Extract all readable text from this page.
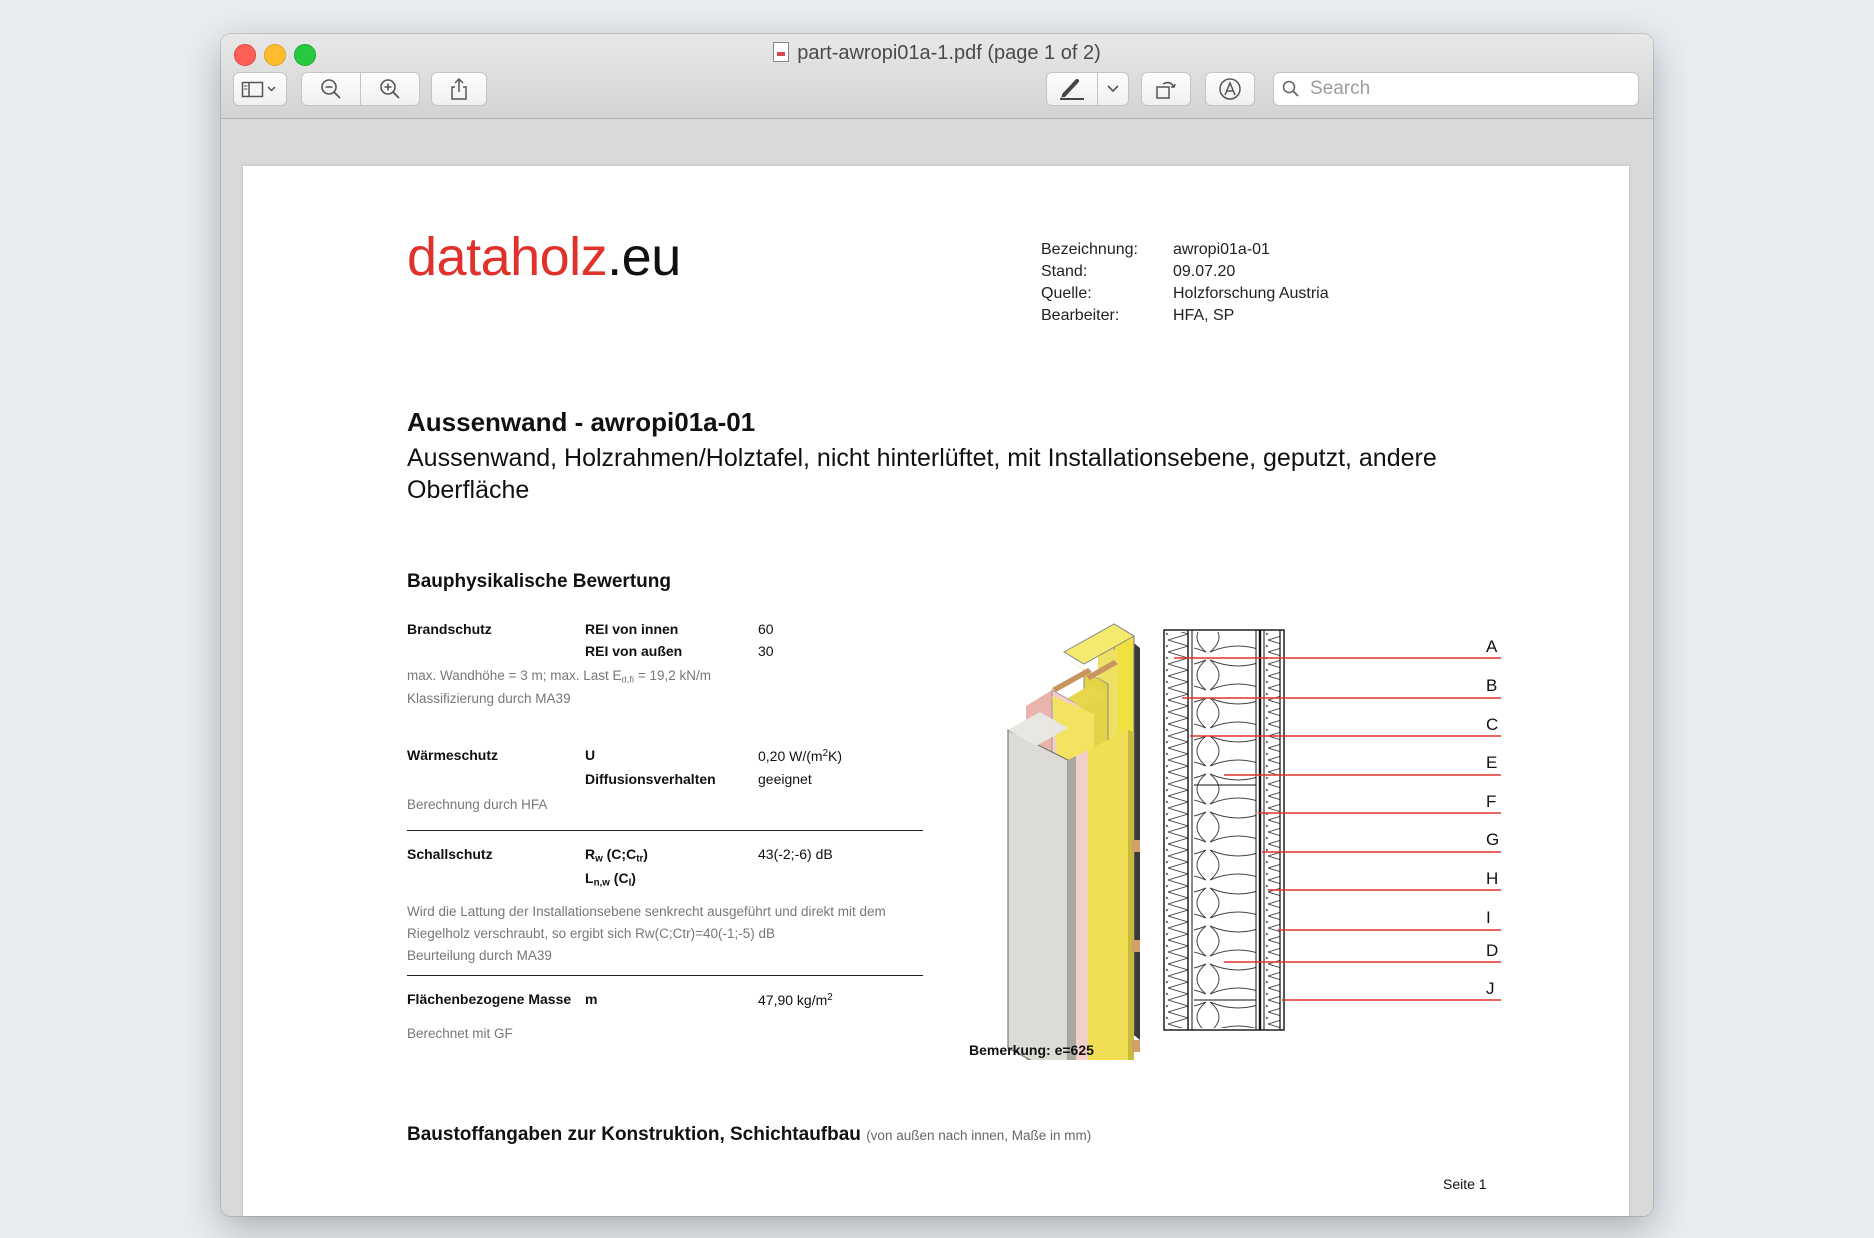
part-awropi01a-1.pdf (page 1 of 2)
Search
dataholz.eu	Bezeichnung:	awropi01a-01
Stand:	09.07.20
Quelle:	Holzforschung Austria
Bearbeiter:	HFA, SP
Aussenwand - awropi01a-01
Aussenwand, Holzrahmen/Holztafel, nicht hinterlüftet, mit Installationsebene, geputzt, andere Oberfläche
Bauphysikalische Bewertung
Brandschutz	REI von innen	60
REI von außen	30
max. Wandhöhe = 3 m; max. Last $E_{d,fi} = 19,2$ kN/m
Klassifizierung durch MA39
Wärmeschutz	U	0,20 $W/(m^2K)$
Diffusionsverhalten	geeignet
Berechnung durch HFA
Schallschutz	$R_w$ $(C;C_{tr})$	43(-2;-6) dB
$L_{n,w}$ $(C_I)$
Wird die Lattung der Installationsebene senkrecht ausgeführt und direkt mit dem
Riegelholz verschraubt, so ergibt sich Rw(C;Ctr)=40(-1;-5) dB
Beurteilung durch MA39
Flächenbezogene Masse m	47,90 $kg/m^2$
Berechnet mit GF
A
B
C
E
F
G
H
I
D
J
Bemerkung: e=625
Baustoffangaben zur Konstruktion, Schichtaufbau (von außen nach innen, Maße in mm)
Seite 1
